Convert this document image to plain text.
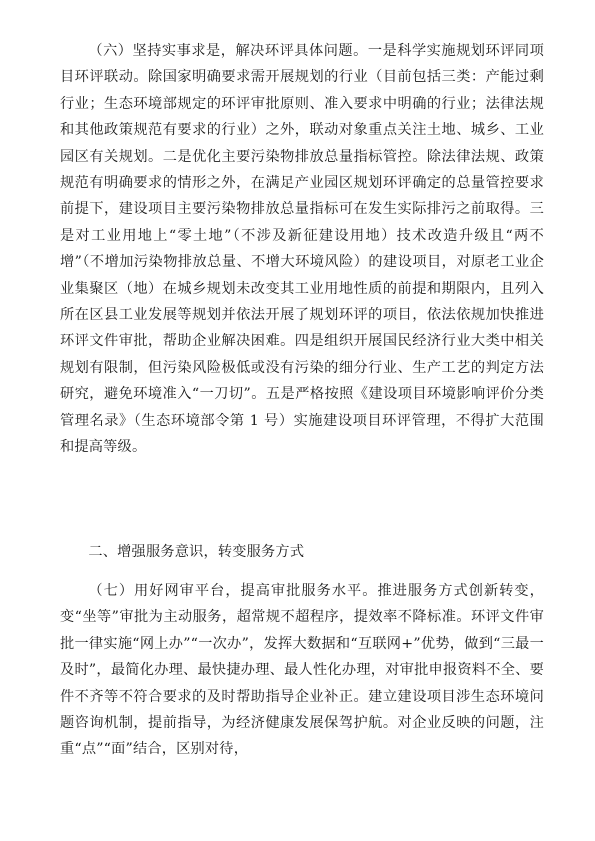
（六）坚持实事求是，解决环评具体问题。一是科学实施规划环评同项目环评联动。除国家明确要求需开展规划的行业（目前包括三类：产能过剩行业；生态环境部规定的环评审批原则、准入要求中明确的行业；法律法规和其他政策规范有要求的行业）之外，联动对象重点关注土地、城乡、工业园区有关规划。二是优化主要污染物排放总量指标管控。除法律法规、政策规范有明确要求的情形之外，在满足产业园区规划环评确定的总量管控要求前提下，建设项目主要污染物排放总量指标可在发生实际排污之前取得。三是对工业用地上“零土地”（不涉及新征建设用地）技术改造升级且“两不增”（不增加污染物排放总量、不增大环境风险）的建设项目，对原老工业企业集聚区（地）在城乡规划未改变其工业用地性质的前提和期限内，且列入所在区县工业发展等规划并依法开展了规划环评的项目，依法依规加快推进环评文件审批，帮助企业解决困难。四是组织开展国民经济行业大类中相关规划有限制，但污染风险极低或没有污染的细分行业、生产工艺的判定方法研究，避免环境准入“一刀切”。五是严格按照《建设项目环境影响评价分类管理名录》（生态环境部令第 1 号）实施建设项目环评管理，不得扩大范围和提高等级。

二、增强服务意识，转变服务方式

（七）用好网审平台，提高审批服务水平。推进服务方式创新转变，变“坐等”审批为主动服务，超常规不超程序，提效率不降标准。环评文件审批一律实施“网上办”“一次办”，发挥大数据和“互联网+”优势，做到“三最一及时”，最简化办理、最快捷办理、最人性化办理，对审批申报资料不全、要件不齐等不符合要求的及时帮助指导企业补正。建立建设项目涉生态环境问题咨询机制，提前指导，为经济健康发展保驾护航。对企业反映的问题，注重“点”“面”结合，区别对待，
